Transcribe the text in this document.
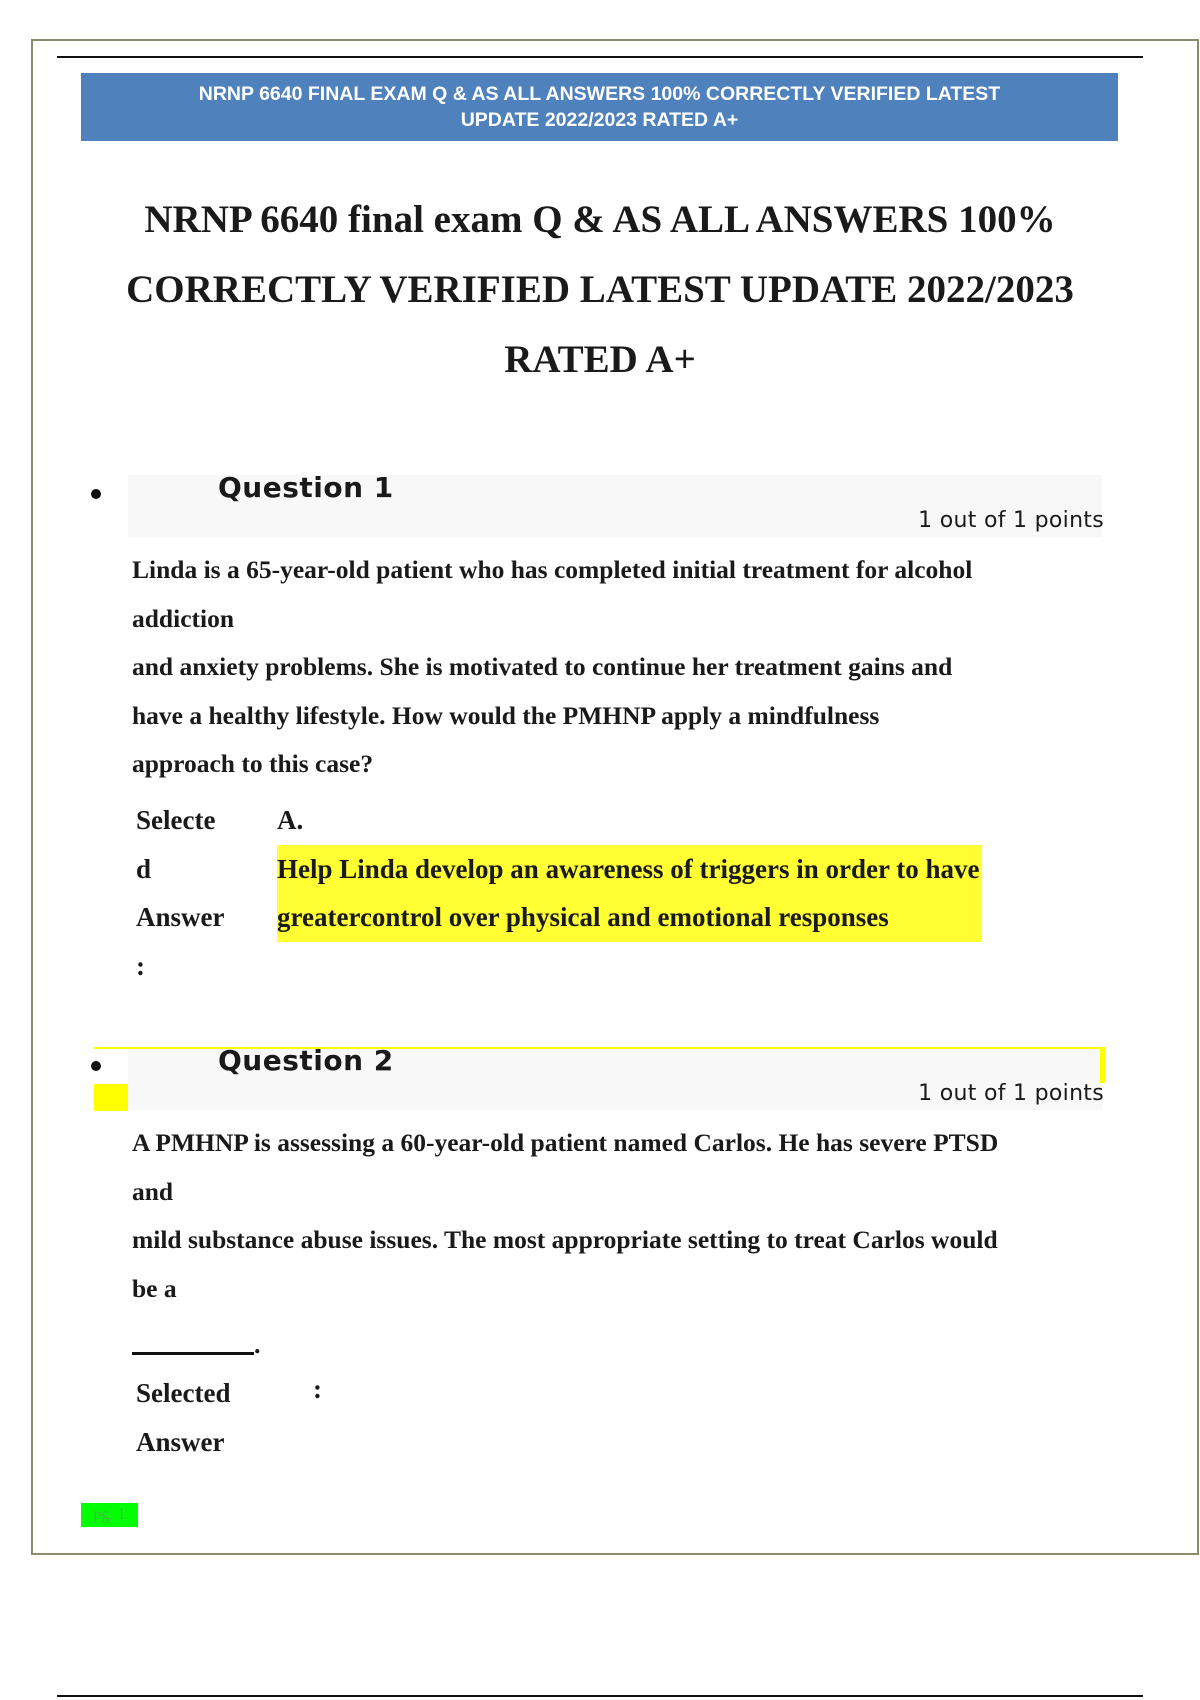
NRNP 6640 FINAL EXAM Q & AS ALL ANSWERS 100% CORRECTLY VERIFIED LATEST
UPDATE 2022/2023 RATED A+
NRNP 6640 final exam Q & AS ALL ANSWERS 100%
CORRECTLY VERIFIED LATEST UPDATE 2022/2023
RATED A+
Question 1
1 out of 1 points
Linda is a 65-year-old patient who has completed initial treatment for alcohol
addiction
and anxiety problems. She is motivated to continue her treatment gains and
have a healthy lifestyle. How would the PMHNP apply a mindfulness
approach to this case?
Selecte
d
Answer
:
A.
Help Linda develop an awareness of triggers in order to have
greatercontrol over physical and emotional responses
Question 2
1 out of 1 points
A PMHNP is assessing a 60-year-old patient named Carlos. He has severe PTSD
and
mild substance abuse issues. The most appropriate setting to treat Carlos would
be a
.
Selected
Answer
:
pg. 1
